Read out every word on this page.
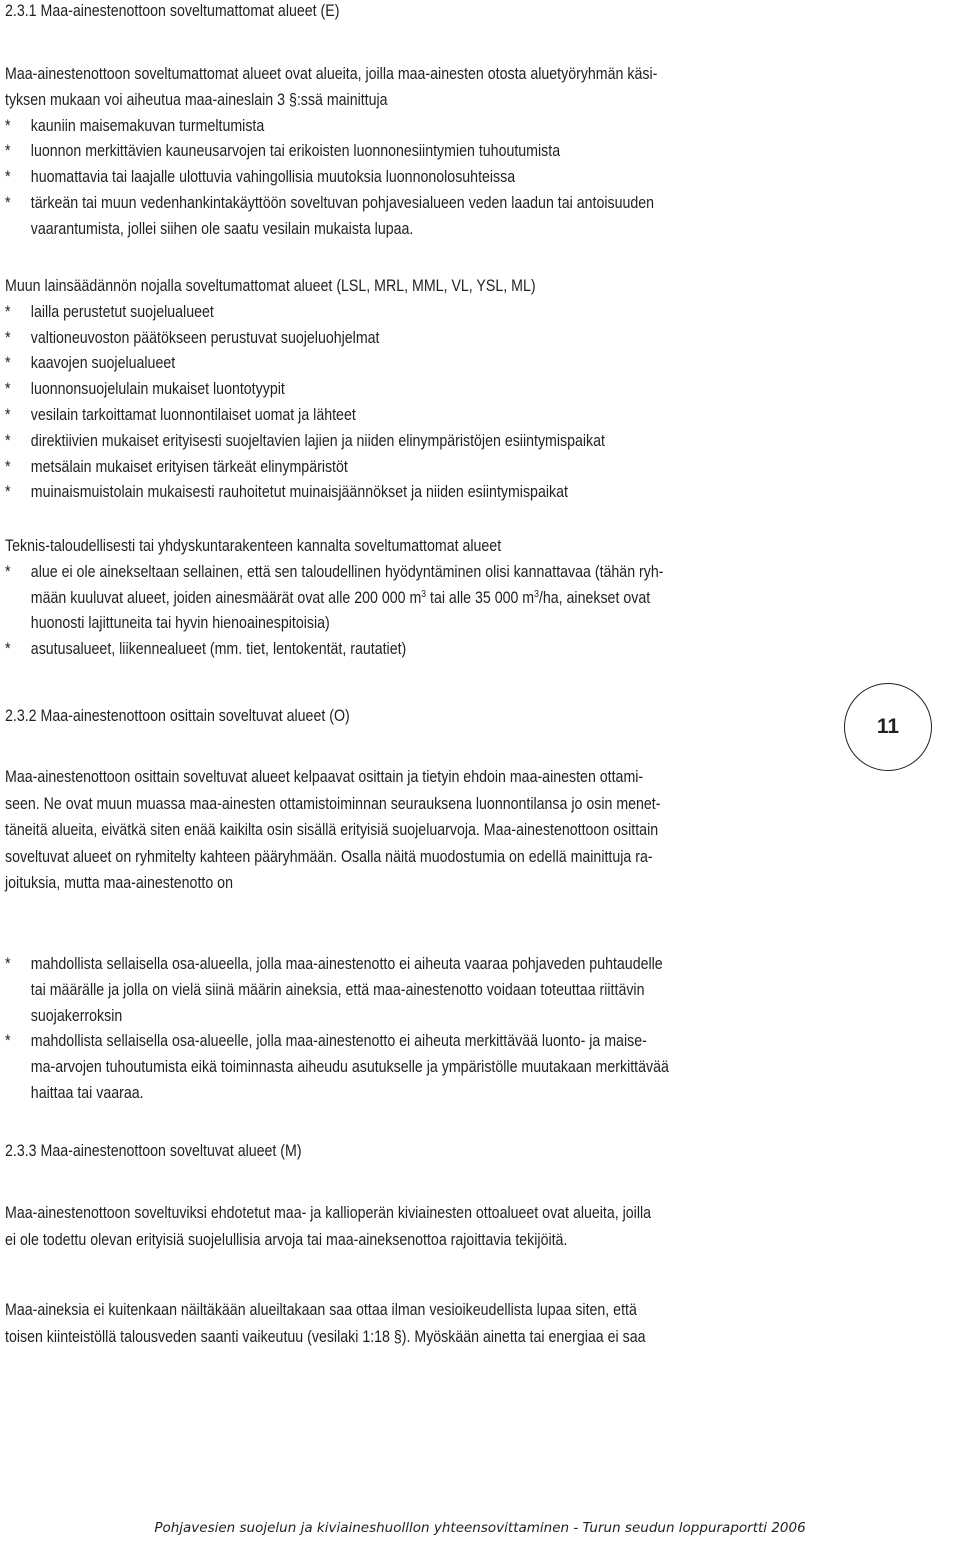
2.3.1 Maa-ainestenottoon soveltumattomat alueet (E)
Maa-ainestenottoon soveltumattomat alueet ovat alueita, joilla maa-ainesten otosta aluetyöryhmän käsi-
tyksen mukaan voi aiheutua maa-aineslain 3 §:ssä mainittuja
*	kauniin maisemakuvan turmeltumista
*	luonnon merkittävien kauneusarvojen tai erikoisten luonnonesiintymien tuhoutumista
*	huomattavia tai laajalle ulottuvia vahingollisia muutoksia luonnonolosuhteissa
*	tärkeän tai muun vedenhankintakäyttöön soveltuvan pohjavesialueen veden laadun tai antoisuuden
vaarantumista, jollei siihen ole saatu vesilain mukaista lupaa.
Muun lainsäädännön nojalla soveltumattomat alueet (LSL, MRL, MML, VL, YSL, ML)
*	lailla perustetut suojelualueet
*	valtioneuvoston päätökseen perustuvat suojeluohjelmat
*	kaavojen suojelualueet
*	luonnonsuojelulain mukaiset luontotyypit
*	vesilain tarkoittamat luonnontilaiset uomat ja lähteet
*	direktiivien mukaiset erityisesti suojeltavien lajien ja niiden elinympäristöjen esiintymispaikat
*	metsälain mukaiset erityisen tärkeät elinympäristöt
*	muinaismuistolain mukaisesti rauhoitetut muinaisjäännökset ja niiden esiintymispaikat
Teknis-taloudellisesti tai yhdyskuntarakenteen kannalta soveltumattomat alueet
*	alue ei ole ainekseltaan sellainen, että sen taloudellinen hyödyntäminen olisi kannattavaa (tähän ryh-
mään kuuluvat alueet, joiden ainesmäärät ovat alle 200 000 $m^3$ tai alle 35 000 $m^3/ha$, ainekset ovat
huonosti lajittuneita tai hyvin hienoainespitoisia)
*	asutusalueet, liikennealueet (mm. tiet, lentokentät, rautatiet)
2.3.2 Maa-ainestenottoon osittain soveltuvat alueet (O)	11
Maa-ainestenottoon osittain soveltuvat alueet kelpaavat osittain ja tietyin ehdoin maa-ainesten ottami-
seen. Ne ovat muun muassa maa-ainesten ottamistoiminnan seurauksena luonnontilansa jo osin menet-
täneitä alueita, eivätkä siten enää kaikilta osin sisällä erityisiä suojeluarvoja. Maa-ainestenottoon osittain
soveltuvat alueet on ryhmitelty kahteen pääryhmään. Osalla näitä muodostumia on edellä mainittuja ra-
joituksia, mutta maa-ainestenotto on
*	mahdollista sellaisella osa-alueella, jolla maa-ainestenotto ei aiheuta vaaraa pohjaveden puhtaudelle
tai määrälle ja jolla on vielä siinä määrin aineksia, että maa-ainestenotto voidaan toteuttaa riittävin
suojakerroksin
*	mahdollista sellaisella osa-alueelle, jolla maa-ainestenotto ei aiheuta merkittävää luonto- ja maise-
ma-arvojen tuhoutumista eikä toiminnasta aiheudu asutukselle ja ympäristölle muutakaan merkittävää
haittaa tai vaaraa.
2.3.3 Maa-ainestenottoon soveltuvat alueet (M)
Maa-ainestenottoon soveltuviksi ehdotetut maa- ja kallioperän kiviainesten ottoalueet ovat alueita, joilla
ei ole todettu olevan erityisiä suojelullisia arvoja tai maa-aineksenottoa rajoittavia tekijöitä.
Maa-aineksia ei kuitenkaan näiltäkään alueiltakaan saa ottaa ilman vesioikeudellista lupaa siten, että
toisen kiinteistöllä talousveden saanti vaikeutuu (vesilaki 1:18 §). Myöskään ainetta tai energiaa ei saa
Pohjavesien suojelun ja kiviaineshuolllon yhteensovittaminen - Turun seudun loppuraportti 2006
